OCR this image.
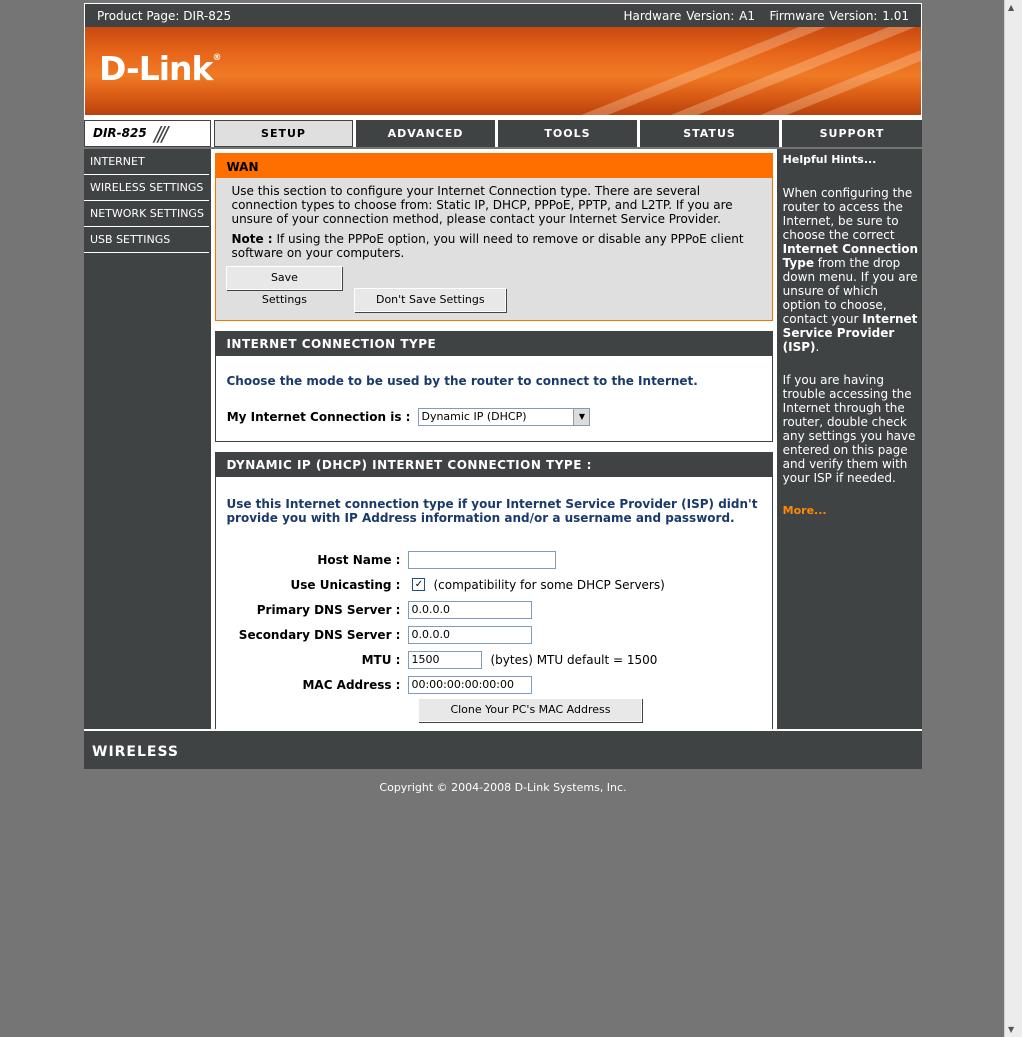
Product Page: DIR-825	Hardware Version: A1 Firmware Version: 1.01
D-Link®
DIR-825 ///	SETUP	ADVANCED	TOOLS	STATUS	SUPPORT
INTERNET
WIRELESS SETTINGS
NETWORK SETTINGS
USB SETTINGS
WAN

Use this section to configure your Internet Connection type. There are several connection types to choose from: Static IP, DHCP, PPPoE, PPTP, and L2TP. If you are unsure of your connection method, please contact your Internet Service Provider.

Note : If using the PPPoE option, you will need to remove or disable any PPPoE client software on your computers.

Save Settings	Don't Save Settings
INTERNET CONNECTION TYPE
Choose the mode to be used by the router to connect to the Internet.
My Internet Connection is :	Dynamic IP (DHCP)	▼
DYNAMIC IP (DHCP) INTERNET CONNECTION TYPE :
Use this Internet connection type if your Internet Service Provider (ISP) didn't provide you with IP Address information and/or a username and password.
Host Name :
Use Unicasting :	✓ (compatibility for some DHCP Servers)
Primary DNS Server :	0.0.0.0
Secondary DNS Server :	0.0.0.0
MTU :	1500	(bytes) MTU default = 1500
MAC Address :	00:00:00:00:00:00
Clone Your PC's MAC Address
Helpful Hints...

When configuring the router to access the Internet, be sure to choose the correct Internet Connection Type from the drop down menu. If you are unsure of which option to choose, contact your Internet Service Provider (ISP).

If you are having trouble accessing the Internet through the router, double check any settings you have entered on this page and verify them with your ISP if needed.

More...
WIRELESS
Copyright © 2004-2008 D-Link Systems, Inc.
▲
▼
